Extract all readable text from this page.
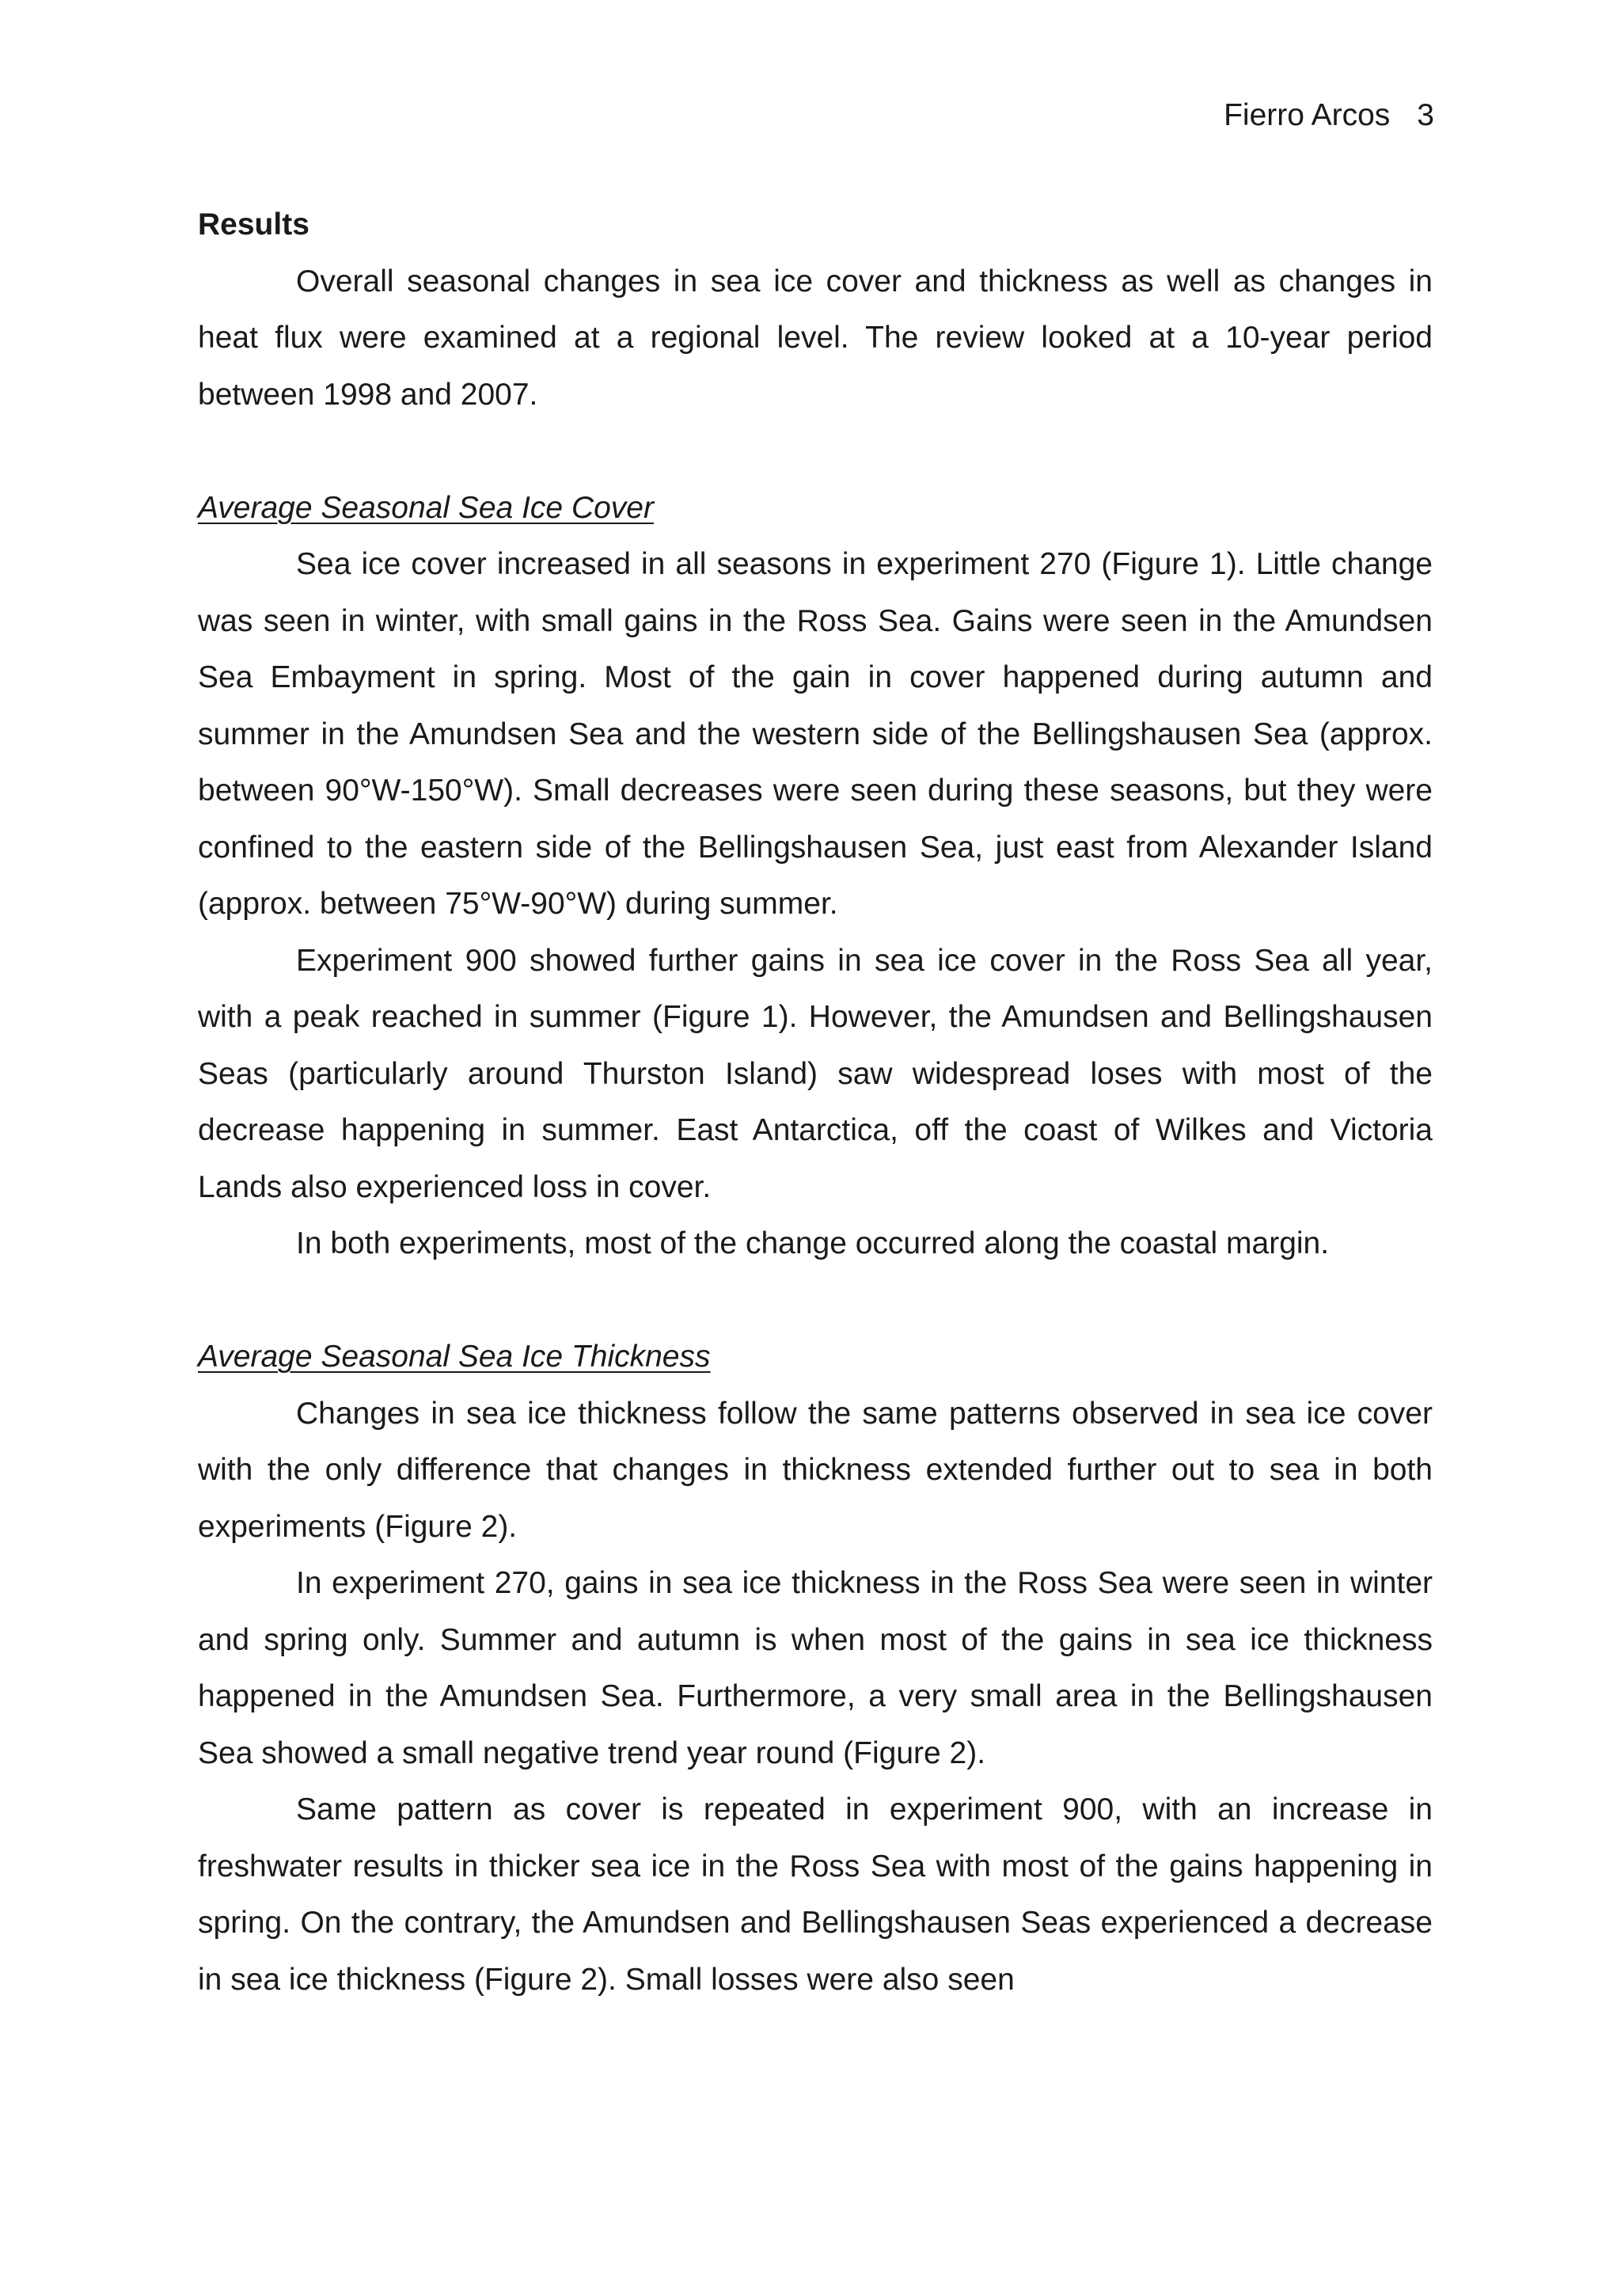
Fierro Arcos 3

Results

Overall seasonal changes in sea ice cover and thickness as well as changes in heat flux were examined at a regional level. The review looked at a 10-year period between 1998 and 2007.

Average Seasonal Sea Ice Cover

Sea ice cover increased in all seasons in experiment 270 (Figure 1). Little change was seen in winter, with small gains in the Ross Sea. Gains were seen in the Amundsen Sea Embayment in spring. Most of the gain in cover happened during autumn and summer in the Amundsen Sea and the western side of the Bellingshausen Sea (approx. between 90°W-150°W). Small decreases were seen during these seasons, but they were confined to the eastern side of the Bellingshausen Sea, just east from Alexander Island (approx. between 75°W-90°W) during summer.

Experiment 900 showed further gains in sea ice cover in the Ross Sea all year, with a peak reached in summer (Figure 1). However, the Amundsen and Bellingshausen Seas (particularly around Thurston Island) saw widespread loses with most of the decrease happening in summer. East Antarctica, off the coast of Wilkes and Victoria Lands also experienced loss in cover.

In both experiments, most of the change occurred along the coastal margin.

Average Seasonal Sea Ice Thickness

Changes in sea ice thickness follow the same patterns observed in sea ice cover with the only difference that changes in thickness extended further out to sea in both experiments (Figure 2).

In experiment 270, gains in sea ice thickness in the Ross Sea were seen in winter and spring only. Summer and autumn is when most of the gains in sea ice thickness happened in the Amundsen Sea. Furthermore, a very small area in the Bellingshausen Sea showed a small negative trend year round (Figure 2).

Same pattern as cover is repeated in experiment 900, with an increase in freshwater results in thicker sea ice in the Ross Sea with most of the gains happening in spring. On the contrary, the Amundsen and Bellingshausen Seas experienced a decrease in sea ice thickness (Figure 2). Small losses were also seen
